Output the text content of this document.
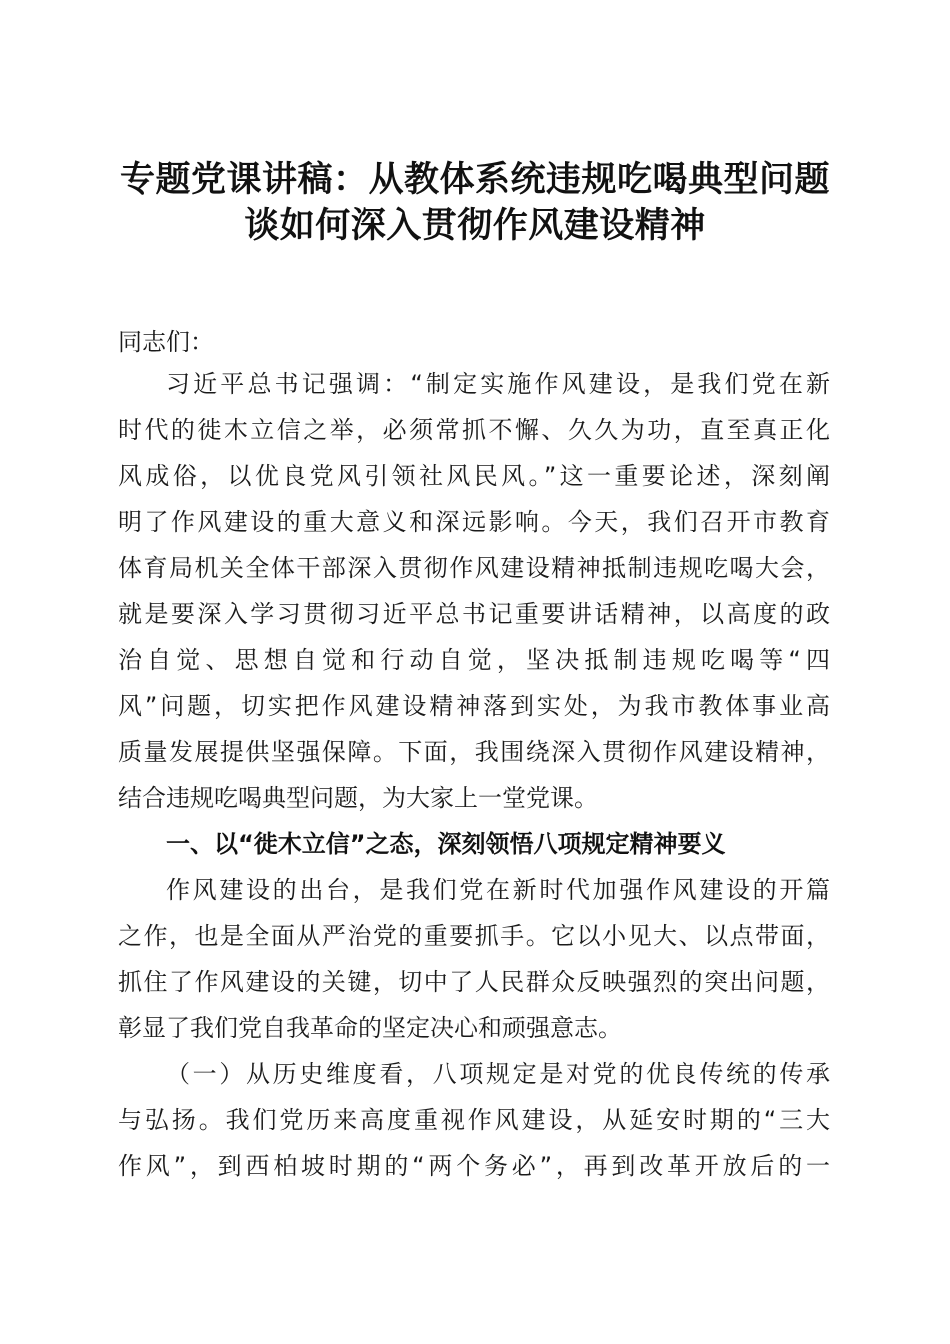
专题党课讲稿：从教体系统违规吃喝典型问题
谈如何深入贯彻作风建设精神
同志们：
习近平总书记强调：“制定实施作风建设，是我们党在新
时代的徙木立信之举，必须常抓不懈、久久为功，直至真正化
风成俗，以优良党风引领社风民风。”这一重要论述，深刻阐
明了作风建设的重大意义和深远影响。今天，我们召开市教育
体育局机关全体干部深入贯彻作风建设精神抵制违规吃喝大会，
就是要深入学习贯彻习近平总书记重要讲话精神，以高度的政
治自觉、思想自觉和行动自觉，坚决抵制违规吃喝等“四
风”问题，切实把作风建设精神落到实处，为我市教体事业高
质量发展提供坚强保障。下面，我围绕深入贯彻作风建设精神，
结合违规吃喝典型问题，为大家上一堂党课。
一、以“徙木立信”之态，深刻领悟八项规定精神要义
作风建设的出台，是我们党在新时代加强作风建设的开篇
之作，也是全面从严治党的重要抓手。它以小见大、以点带面，
抓住了作风建设的关键，切中了人民群众反映强烈的突出问题，
彰显了我们党自我革命的坚定决心和顽强意志。
（一）从历史维度看，八项规定是对党的优良传统的传承
与弘扬。我们党历来高度重视作风建设，从延安时期的“三大
作风”，到西柏坡时期的“两个务必”，再到改革开放后的一
